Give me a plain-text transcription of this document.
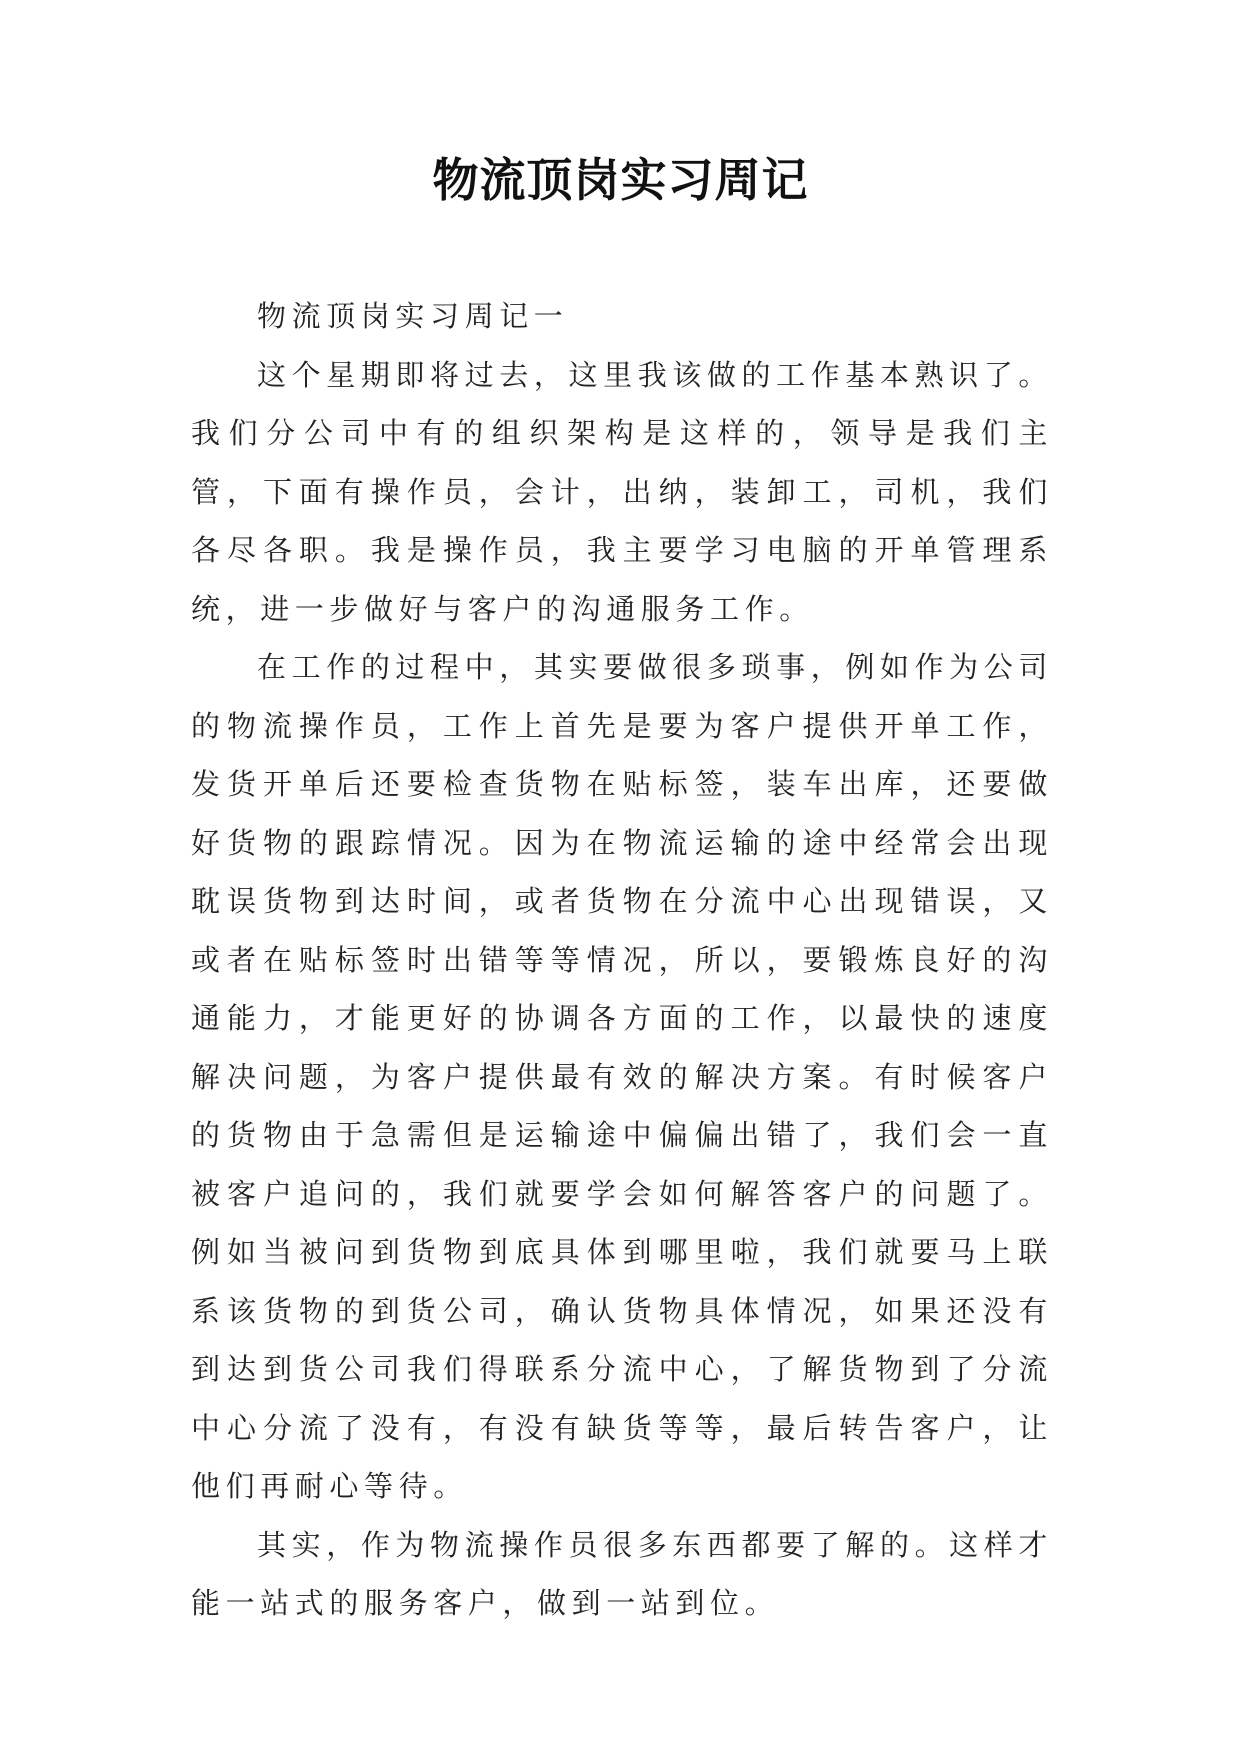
物流顶岗实习周记

物流顶岗实习周记一

这个星期即将过去，这里我该做的工作基本熟识了。我们分公司中有的组织架构是这样的，领导是我们主管，下面有操作员，会计，出纳，装卸工，司机，我们各尽各职。我是操作员，我主要学习电脑的开单管理系统，进一步做好与客户的沟通服务工作。

在工作的过程中，其实要做很多琐事，例如作为公司的物流操作员，工作上首先是要为客户提供开单工作，发货开单后还要检查货物在贴标签，装车出库，还要做好货物的跟踪情况。因为在物流运输的途中经常会出现耽误货物到达时间，或者货物在分流中心出现错误，又或者在贴标签时出错等等情况，所以，要锻炼良好的沟通能力，才能更好的协调各方面的工作，以最快的速度解决问题，为客户提供最有效的解决方案。有时候客户的货物由于急需但是运输途中偏偏出错了，我们会一直被客户追问的，我们就要学会如何解答客户的问题了。例如当被问到货物到底具体到哪里啦，我们就要马上联系该货物的到货公司，确认货物具体情况，如果还没有到达到货公司我们得联系分流中心，了解货物到了分流中心分流了没有，有没有缺货等等，最后转告客户，让他们再耐心等待。

其实，作为物流操作员很多东西都要了解的。这样才能一站式的服务客户，做到一站到位。
